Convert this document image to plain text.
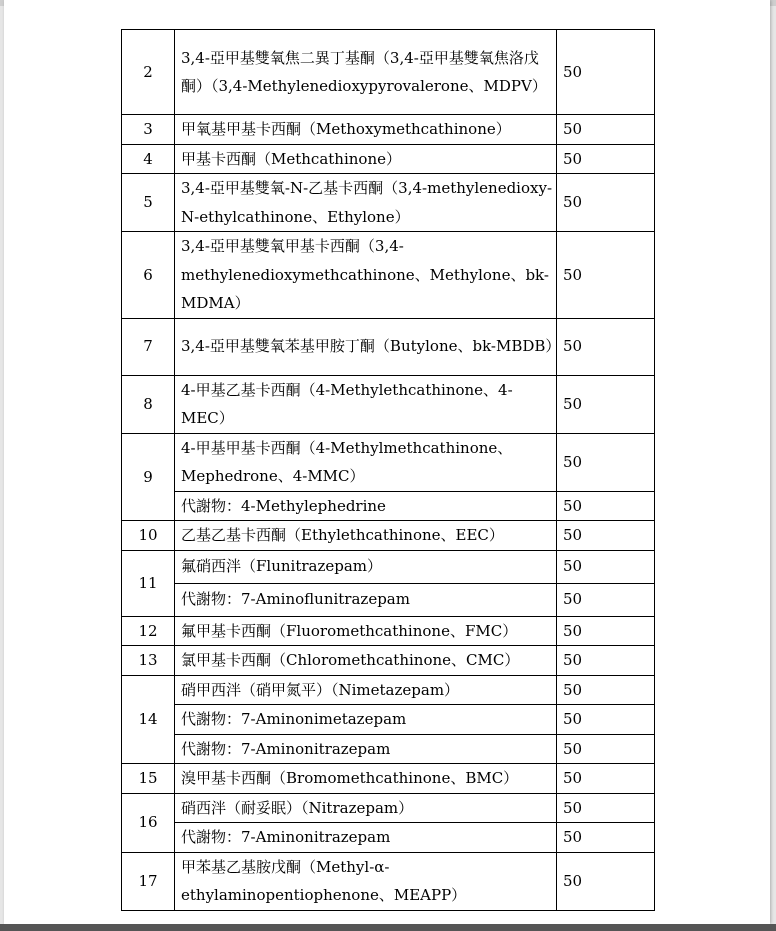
2	3,4-亞甲基雙氧焦二異丁基酮（3,4-亞甲基雙氧焦洛戊酮）（3,4-Methylenedioxypyrovalerone、MDPV）	50
3	甲氧基甲基卡西酮（Methoxymethcathinone）	50
4	甲基卡西酮（Methcathinone）	50
5	3,4-亞甲基雙氧-N-乙基卡西酮（3,4-methylenedioxy-N-ethylcathinone、Ethylone）	50
6	3,4-亞甲基雙氧甲基卡西酮（3,4-methylenedioxymethcathinone、Methylone、bk-MDMA）	50
7	3,4-亞甲基雙氧苯基甲胺丁酮（Butylone、bk-MBDB）	50
8	4-甲基乙基卡西酮（4-Methylethcathinone、4-MEC）	50
9	4-甲基甲基卡西酮（4-Methylmethcathinone、Mephedrone、4-MMC）	50
	代謝物：4-Methylephedrine	50
10	乙基乙基卡西酮（Ethylethcathinone、EEC）	50
11	氟硝西泮（Flunitrazepam）	50
	代謝物：7-Aminoflunitrazepam	50
12	氟甲基卡西酮（Fluoromethcathinone、FMC）	50
13	氯甲基卡西酮（Chloromethcathinone、CMC）	50
14	硝甲西泮（硝甲氮平）（Nimetazepam）	50
	代謝物：7-Aminonimetazepam	50
	代謝物：7-Aminonitrazepam	50
15	溴甲基卡西酮（Bromomethcathinone、BMC）	50
16	硝西泮（耐妥眠）（Nitrazepam）	50
	代謝物：7-Aminonitrazepam	50
17	甲苯基乙基胺戊酮（Methyl-α-ethylaminopentiophenone、MEAPP）	50
